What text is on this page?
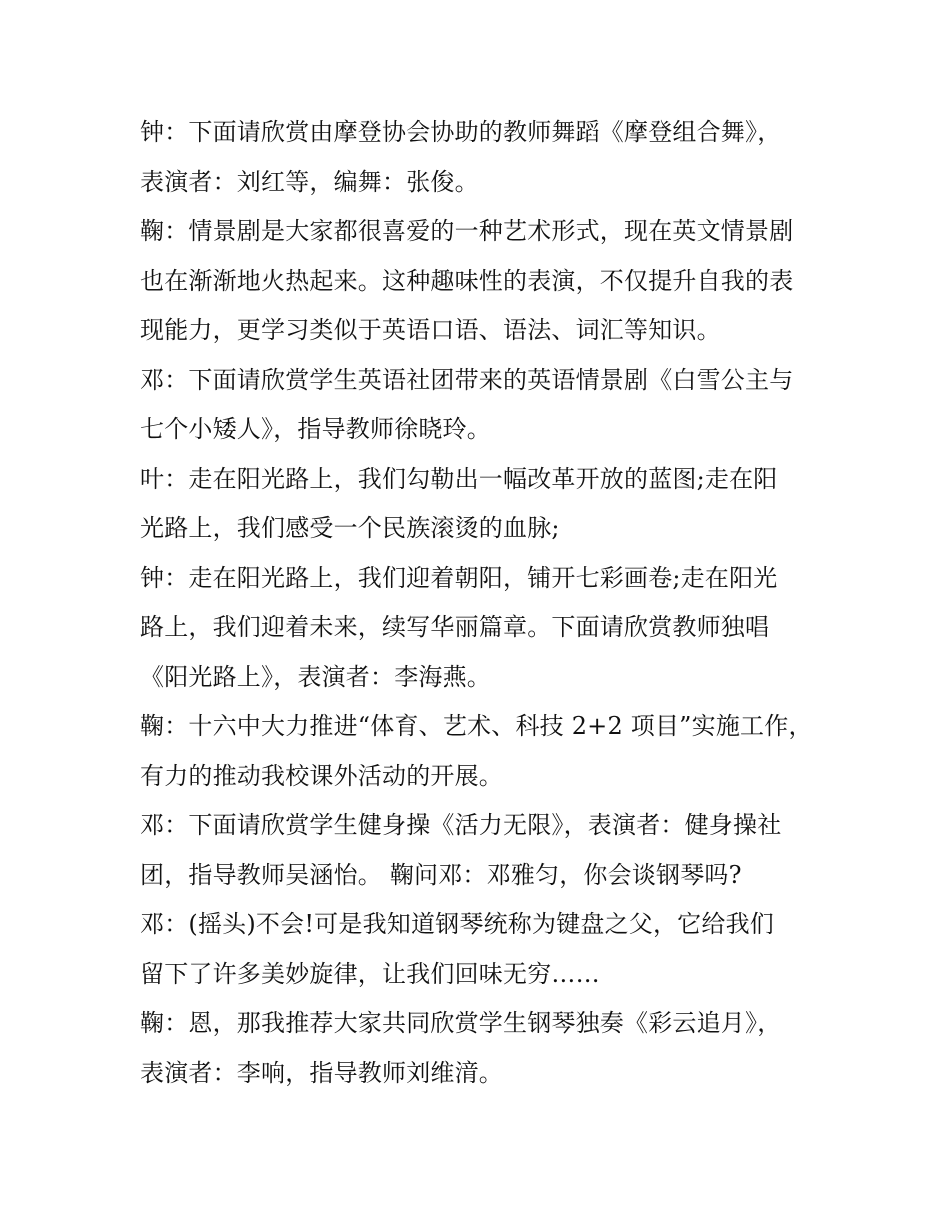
钟：下面请欣赏由摩登协会协助的教师舞蹈《摩登组合舞》，
表演者：刘红等，编舞：张俊。
鞠：情景剧是大家都很喜爱的一种艺术形式，现在英文情景剧
也在渐渐地火热起来。这种趣味性的表演，不仅提升自我的表
现能力，更学习类似于英语口语、语法、词汇等知识。
邓：下面请欣赏学生英语社团带来的英语情景剧《白雪公主与
七个小矮人》，指导教师徐晓玲。
叶：走在阳光路上，我们勾勒出一幅改革开放的蓝图;走在阳
光路上，我们感受一个民族滚烫的血脉;
钟：走在阳光路上，我们迎着朝阳，铺开七彩画卷;走在阳光
路上，我们迎着未来，续写华丽篇章。下面请欣赏教师独唱
《阳光路上》，表演者：李海燕。
鞠：十六中大力推进“体育、艺术、科技 2+2 项目”实施工作，
有力的推动我校课外活动的开展。
邓：下面请欣赏学生健身操《活力无限》，表演者：健身操社
团，指导教师吴涵怡。 鞠问邓：邓雅匀，你会谈钢琴吗?
邓：(摇头)不会!可是我知道钢琴统称为键盘之父，它给我们
留下了许多美妙旋律，让我们回味无穷……
鞠：恩，那我推荐大家共同欣赏学生钢琴独奏《彩云追月》，
表演者：李响，指导教师刘维湇。
